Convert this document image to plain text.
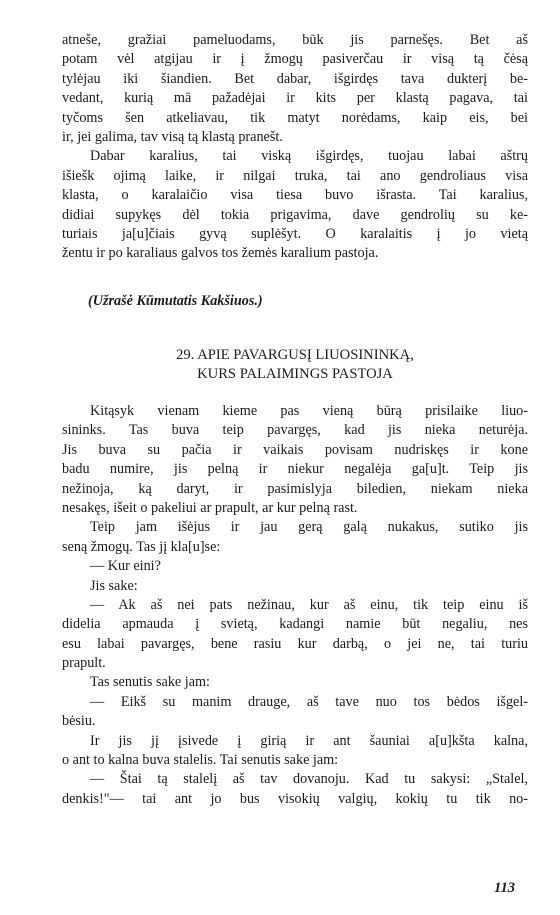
atneše, gražiai pameluodams, būk jis parnešęs. Bet aš
potam vėl atgijau ir į žmogų pasiverčau ir visą tą čėsą
tylėjau iki šiandien. Bet dabar, išgirdęs tava dukterį be-
vedant, kurią mā pažadėjai ir kits per klastą pagava, tai
tyčoms šen atkeliavau, tik matyt norėdams, kaip eis, bei
ir, jei galima, tav visą tą klastą pranešt.
Dabar karalius, tai viską išgirdęs, tuojau labai aštrų
išiešk ojimą laike, ir nilgai truka, tai ano gendroliaus visa
klasta, o karalaičio visa tiesa buvo išrasta. Tai karalius,
didiai supykęs dėl tokia prigavima, dave gendrolių su ke-
turiais ja[u]čiais gyvą suplėšyt. O karalaitis į jo vietą
žentu ir po karaliaus galvos tos žemės karalium pastoja.
(Užrašė Kūmutatis Kakšiuos.)
29. APIE PAVARGUSĮ LIUOSININKĄ,
KURS PALAIMINGS PASTOJA
Kitąsyk vienam kieme pas vieną būrą prisilaike liuo-
sininks. Tas buva teip pavargęs, kad jis nieka neturėja.
Jis buva su pačia ir vaikais povisam nudriskęs ir kone
badu numire, jis pelną ir niekur negalėja ga[u]t. Teip jis
nežinoja, ką daryt, ir pasimislyja biledien, niekam nieka
nesakęs, išeit o pakeliui ar prapult, ar kur pelną rast.
Teip jam išėjus ir jau gerą galą nukakus, sutiko jis
seną žmogų. Tas jį kla[u]se:
— Kur eini?
Jis sake:
— Ak aš nei pats nežinau, kur aš einu, tik teip einu iš
didelia apmauda į svietą, kadangi namie būt negaliu, nes
esu labai pavargęs, bene rasiu kur darbą, o jei ne, tai turiu
prapult.
Tas senutis sake jam:
— Eikš su manim drauge, aš tave nuo tos bėdos išgel-
bėsiu.
Ir jis jį įsivede į girią ir ant šauniai a[u]kšta kalna,
o ant to kalna buva stalelis. Tai senutis sake jam:
— Štai tą stalelį aš tav dovanoju. Kad tu sakysi: „Stalel,
denkis!"— tai ant jo bus visokių valgių, kokių tu tik no-
113
